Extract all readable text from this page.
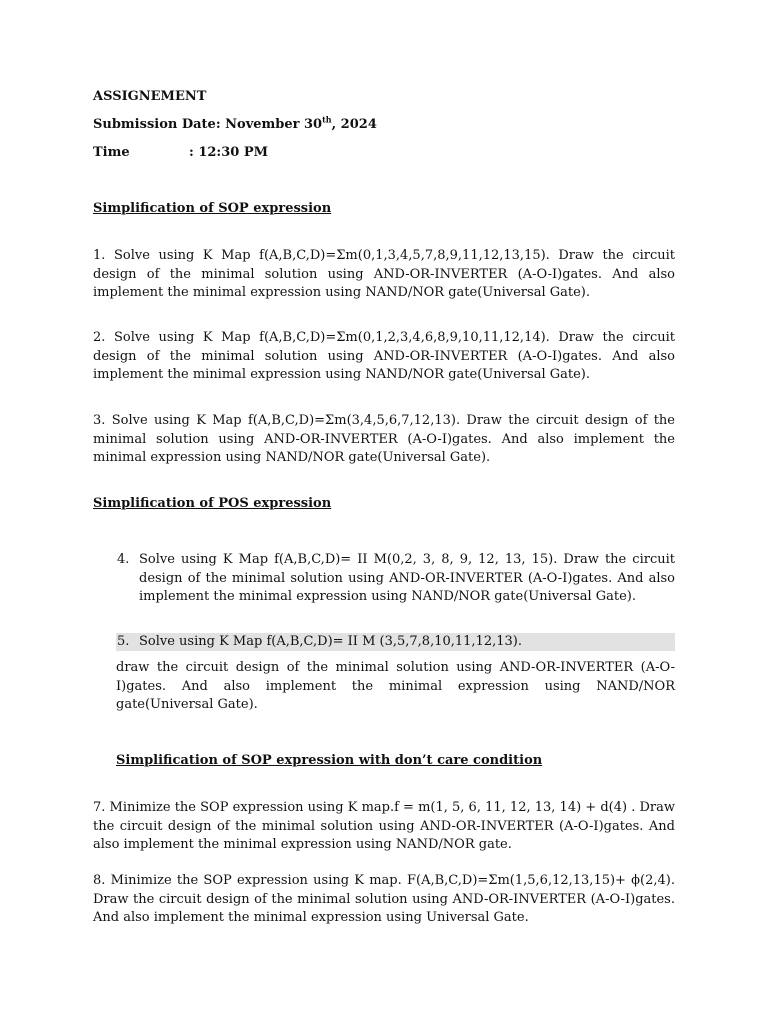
ASSIGNEMENT
Submission Date: November 30th, 2024
Time	: 12:30 PM
Simplification of SOP expression
1. Solve using K Map f(A,B,C,D)=Σm(0,1,3,4,5,7,8,9,11,12,13,15). Draw the circuit design of the minimal solution using AND-OR-INVERTER (A-O-I)gates. And also implement the minimal expression using NAND/NOR gate(Universal Gate).
2. Solve using K Map f(A,B,C,D)=Σm(0,1,2,3,4,6,8,9,10,11,12,14). Draw the circuit design of the minimal solution using AND-OR-INVERTER (A-O-I)gates. And also implement the minimal expression using NAND/NOR gate(Universal Gate).
3. Solve using K Map f(A,B,C,D)=Σm(3,4,5,6,7,12,13). Draw the circuit design of the minimal solution using AND-OR-INVERTER (A-O-I)gates. And also implement the minimal expression using NAND/NOR gate(Universal Gate).
Simplification of POS expression
4. Solve using K Map f(A,B,C,D)= II M(0,2, 3, 8, 9, 12, 13, 15). Draw the circuit design of the minimal solution using AND-OR-INVERTER (A-O-I)gates. And also implement the minimal expression using NAND/NOR gate(Universal Gate).
5. Solve using K Map f(A,B,C,D)= II M (3,5,7,8,10,11,12,13).
draw the circuit design of the minimal solution using AND-OR-INVERTER (A-O-I)gates. And also implement the minimal expression using NAND/NOR gate(Universal Gate).
Simplification of SOP expression with don’t care condition
7. Minimize the SOP expression using K map.f = m(1, 5, 6, 11, 12, 13, 14) + d(4) . Draw the circuit design of the minimal solution using AND-OR-INVERTER (A-O-I)gates. And also implement the minimal expression using NAND/NOR gate.
8. Minimize the SOP expression using K map. F(A,B,C,D)=Σm(1,5,6,12,13,15)+ ϕ(2,4). Draw the circuit design of the minimal solution using AND-OR-INVERTER (A-O-I)gates. And also implement the minimal expression using Universal Gate.
